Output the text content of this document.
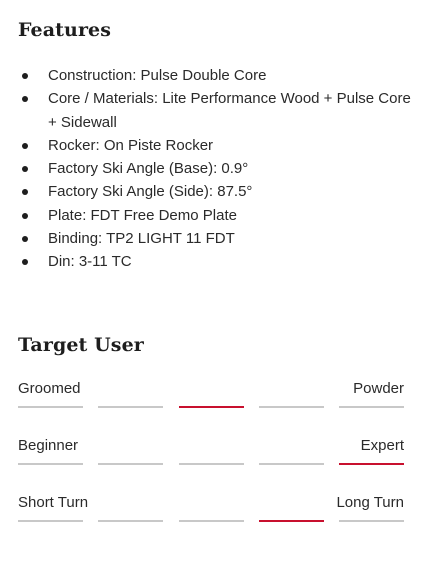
Features
Construction: Pulse Double Core
Core / Materials: Lite Performance Wood + Pulse Core + Sidewall
Rocker: On Piste Rocker
Factory Ski Angle (Base): 0.9°
Factory Ski Angle (Side): 87.5°
Plate: FDT Free Demo Plate
Binding: TP2 LIGHT 11 FDT
Din: 3-11 TC
Target User
Groomed	Powder
Beginner	Expert
Short Turn	Long Turn
